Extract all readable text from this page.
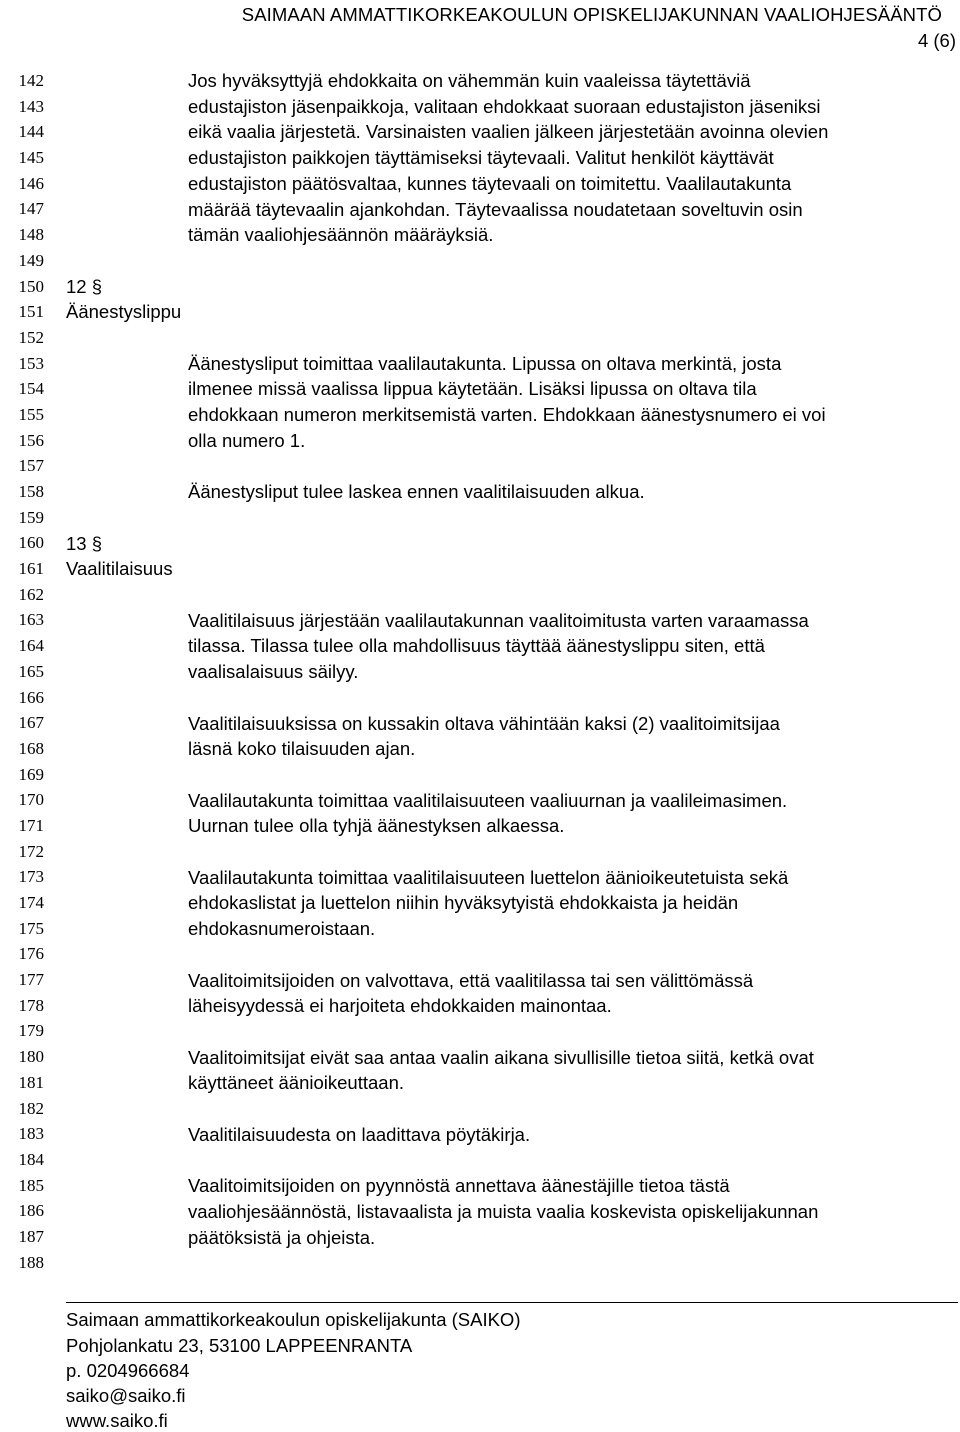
SAIMAAN AMMATTIKORKEAKOULUN OPISKELIJAKUNNAN VAALIOHJESÄÄNTÖ
4 (6)
142
143
144
145
146
147
148
149
150
151
152
153
154
155
156
157
158
159
160
161
162
163
164
165
166
167
168
169
170
171
172
173
174
175
176
177
178
179
180
181
182
183
184
185
186
187
188
Jos hyväksyttyjä ehdokkaita on vähemmän kuin vaaleissa täytettäviä
edustajiston jäsenpaikkoja, valitaan ehdokkaat suoraan edustajiston jäseniksi
eikä vaalia järjestetä. Varsinaisten vaalien jälkeen järjestetään avoinna olevien
edustajiston paikkojen täyttämiseksi täytevaali. Valitut henkilöt käyttävät
edustajiston päätösvaltaa, kunnes täytevaali on toimitettu. Vaalilautakunta
määrää täytevaalin ajankohdan. Täytevaalissa noudatetaan soveltuvin osin
tämän vaaliohjesäännön määräyksiä.
12 §
Äänestyslippu
Äänestysliput toimittaa vaalilautakunta. Lipussa on oltava merkintä, josta
ilmenee missä vaalissa lippua käytetään. Lisäksi lipussa on oltava tila
ehdokkaan numeron merkitsemistä varten. Ehdokkaan äänestysnumero ei voi
olla numero 1.
Äänestysliput tulee laskea ennen vaalitilaisuuden alkua.
13 §
Vaalitilaisuus
Vaalitilaisuus järjestään vaalilautakunnan vaalitoimitusta varten varaamassa
tilassa. Tilassa tulee olla mahdollisuus täyttää äänestyslippu siten, että
vaalisalaisuus säilyy.
Vaalitilaisuuksissa on kussakin oltava vähintään kaksi (2) vaalitoimitsijaa
läsnä koko tilaisuuden ajan.
Vaalilautakunta toimittaa vaalitilaisuuteen vaaliuurnan ja vaalileimasimen.
Uurnan tulee olla tyhjä äänestyksen alkaessa.
Vaalilautakunta toimittaa vaalitilaisuuteen luettelon äänioikeutetuista sekä
ehdokaslistat ja luettelon niihin hyväksytyistä ehdokkaista ja heidän
ehdokasnumeroistaan.
Vaalitoimitsijoiden on valvottava, että vaalitilassa tai sen välittömässä
läheisyydessä ei harjoiteta ehdokkaiden mainontaa.
Vaalitoimitsijat eivät saa antaa vaalin aikana sivullisille tietoa siitä, ketkä ovat
käyttäneet äänioikeuttaan.
Vaalitilaisuudesta on laadittava pöytäkirja.
Vaalitoimitsijoiden on pyynnöstä annettava äänestäjille tietoa tästä
vaaliohjesäännöstä, listavaalista ja muista vaalia koskevista opiskelijakunnan
päätöksistä ja ohjeista.
Saimaan ammattikorkeakoulun opiskelijakunta (SAIKO)
Pohjolankatu 23, 53100 LAPPEENRANTA
p. 0204966684
saiko@saiko.fi
www.saiko.fi
